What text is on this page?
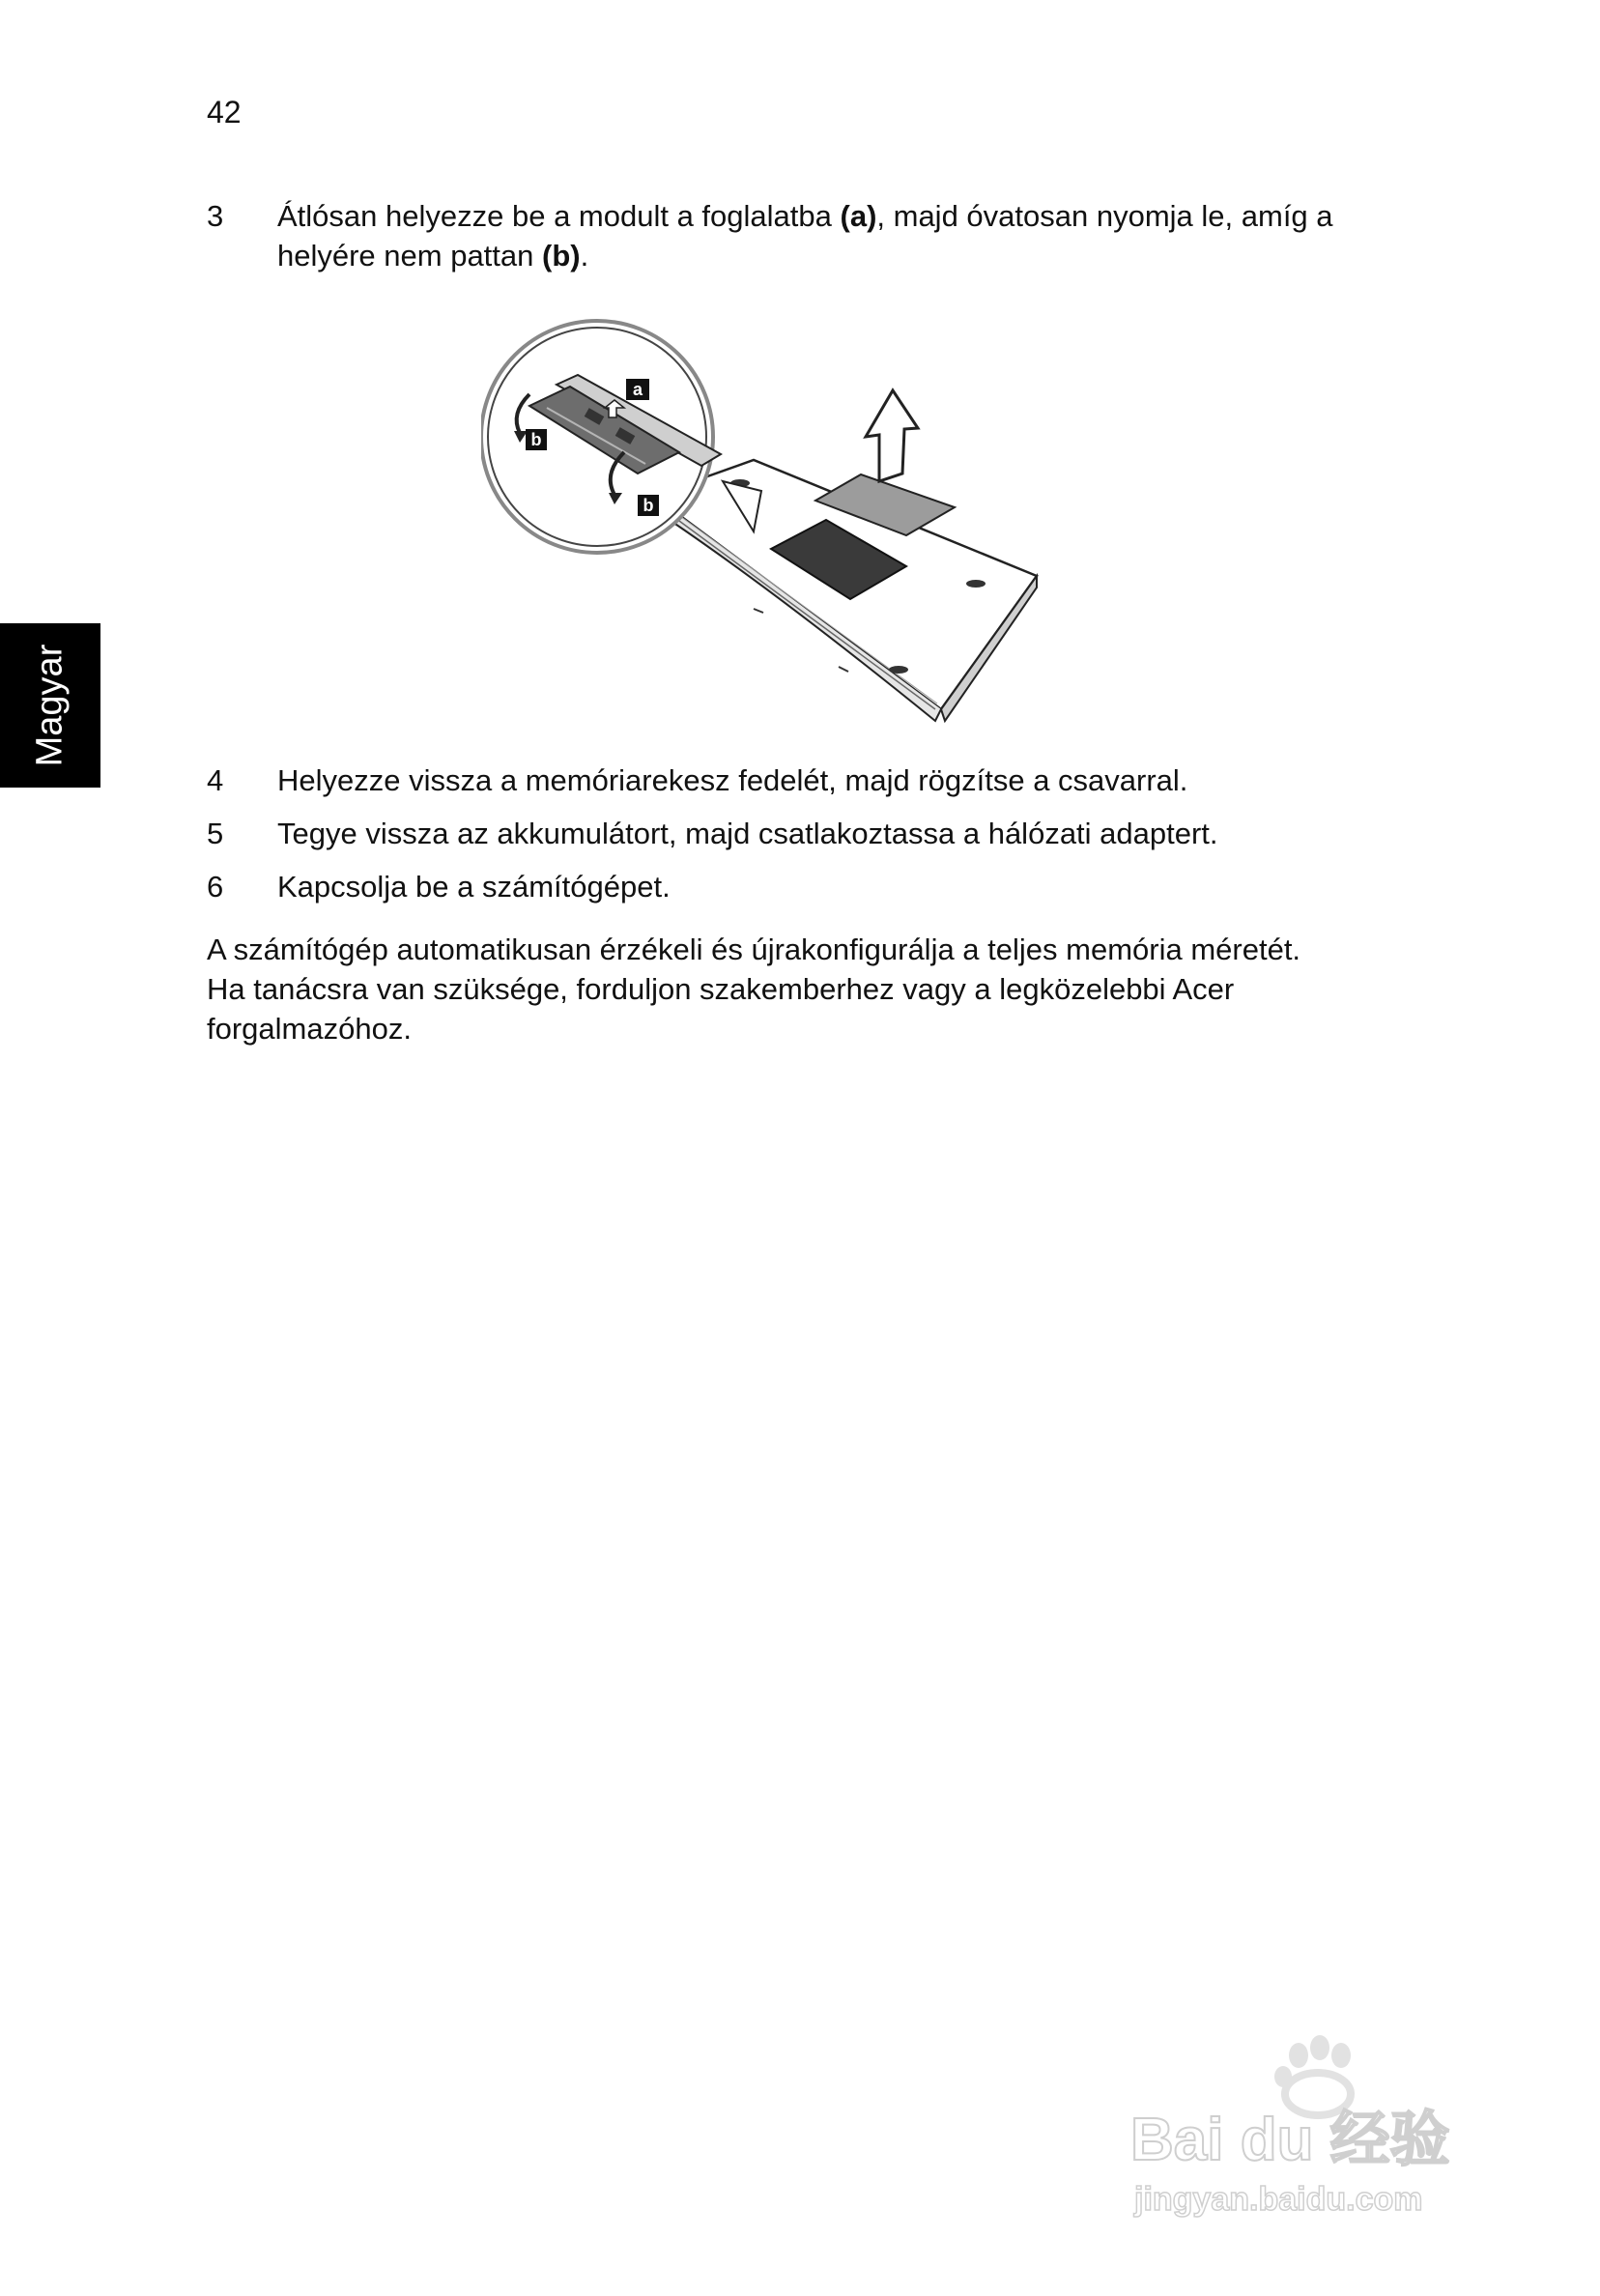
42
Magyar
3 Átlósan helyezze be a modult a foglalatba (a), majd óvatosan nyomja le, amíg a
helyére nem pattan (b).
a
b
b
4 Helyezze vissza a memóriarekesz fedelét, majd rögzítse a csavarral.
5 Tegye vissza az akkumulátort, majd csatlakoztassa a hálózati adaptert.
6 Kapcsolja be a számítógépet.
A számítógép automatikusan érzékeli és újrakonfigurálja a teljes memória méretét.
Ha tanácsra van szüksége, forduljon szakemberhez vagy a legközelebbi Acer
forgalmazóhoz.
Bai du 经验
jingyan.baidu.com
